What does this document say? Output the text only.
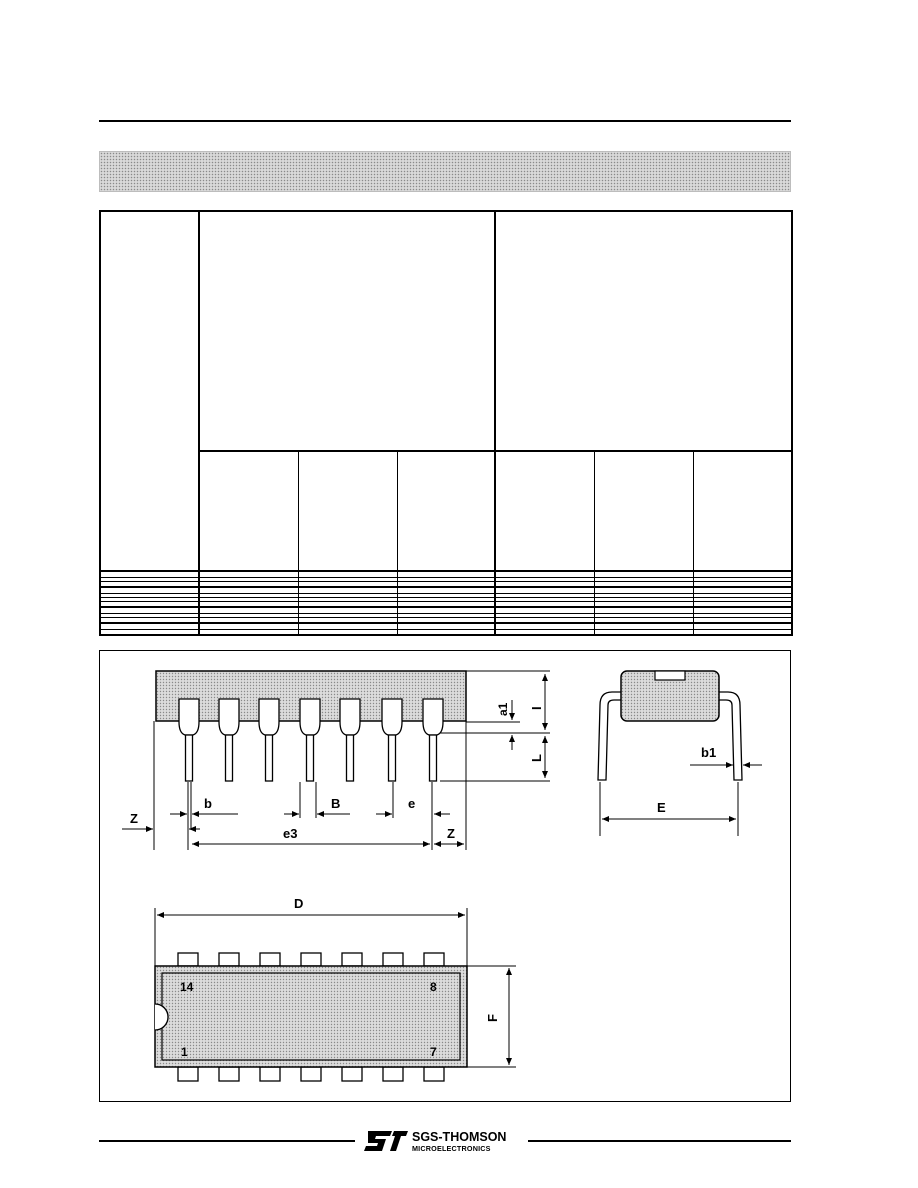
a1 I
L
b	B	e
Z
e3	Z
b1
E
D
14	8
1	7
F
SGS-THOMSON
MICROELECTRONICS
